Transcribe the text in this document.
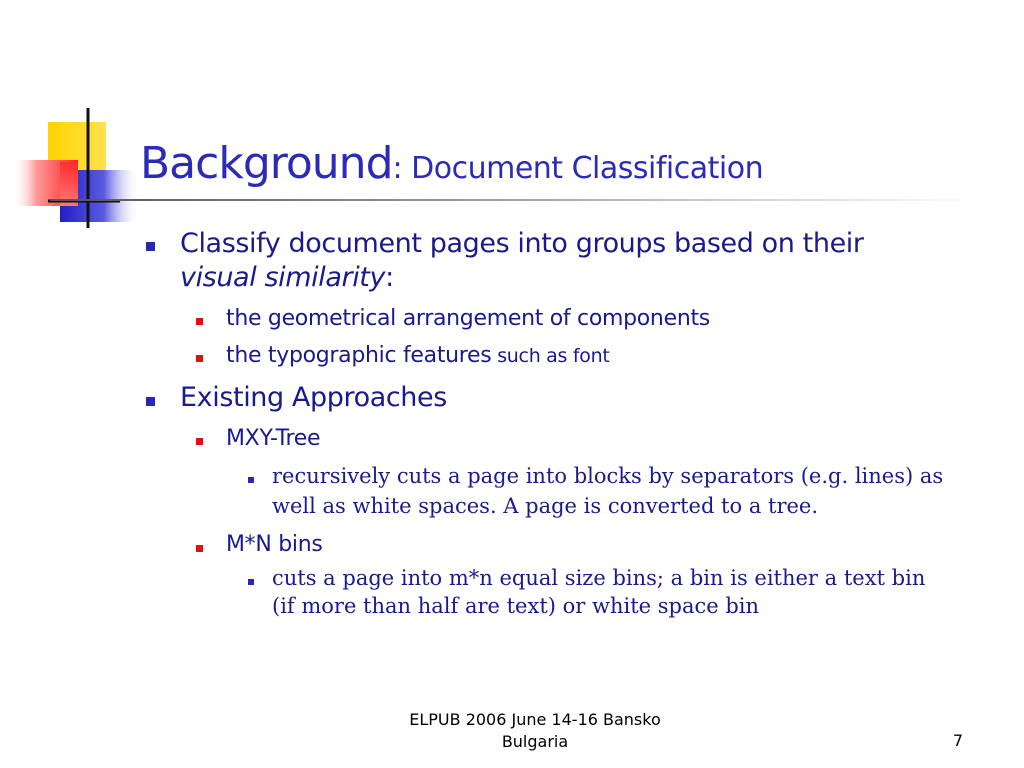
Background: Document Classification
Classify document pages into groups based on their
visual similarity:
the geometrical arrangement of components
the typographic features such as font
Existing Approaches
MXY-Tree
recursively cuts a page into blocks by separators (e.g. lines) as
well as white spaces. A page is converted to a tree.
M*N bins
cuts a page into m*n equal size bins; a bin is either a text bin
(if more than half are text) or white space bin
ELPUB 2006 June 14-16 Bansko
Bulgaria	7
